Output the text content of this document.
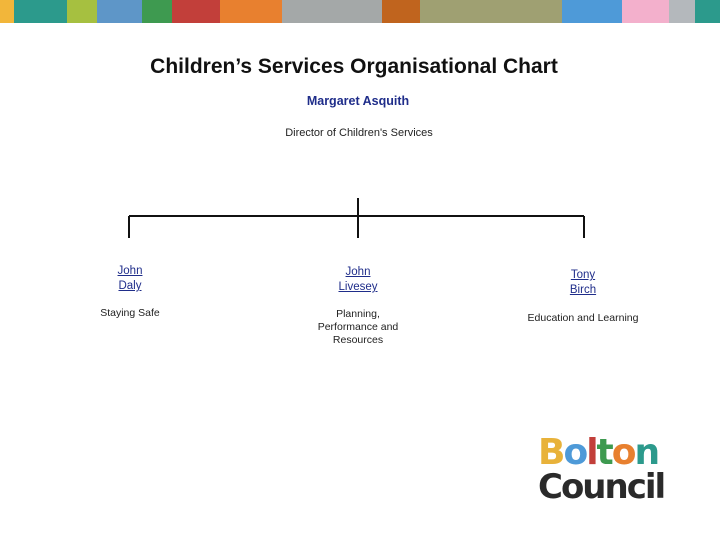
Children’s Services Organisational Chart
Margaret Asquith
Director of Children's Services
John
Daly
Staying Safe
John
Livesey
Planning,
Performance and
Resources
Tony
Birch
Education and Learning
Bolton
Council
